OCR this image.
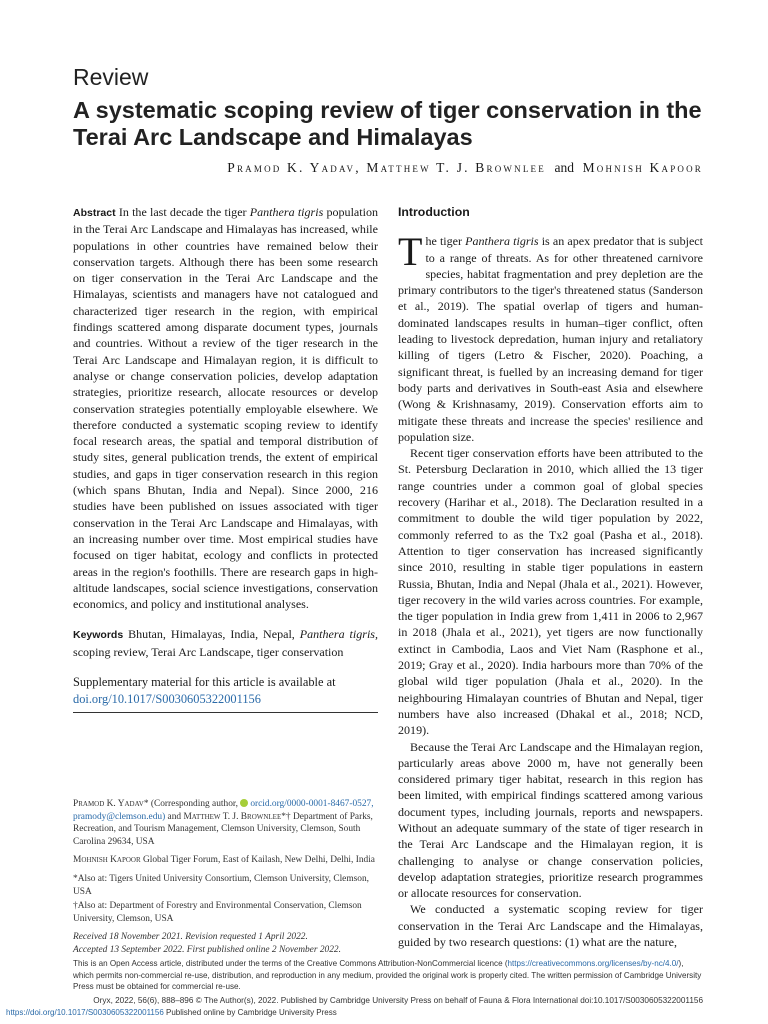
Review
A systematic scoping review of tiger conservation in the Terai Arc Landscape and Himalayas
Pramod K. Yadav, Matthew T. J. Brownlee and Mohnish Kapoor

Abstract In the last decade the tiger Panthera tigris population in the Terai Arc Landscape and Himalayas has increased, while populations in other countries have remained below their conservation targets. Although there has been some research on tiger conservation in the Terai Arc Landscape and the Himalayas, scientists and managers have not catalogued and characterized tiger research in the region, with empirical findings scattered among disparate document types, journals and countries. Without a review of the tiger research in the Terai Arc Landscape and Himalayan region, it is difficult to analyse or change conservation policies, develop adaptation strategies, prioritize research, allocate resources or develop conservation strategies potentially employable elsewhere. We therefore conducted a systematic scoping review to identify focal research areas, the spatial and temporal distribution of study sites, general publication trends, the extent of empirical studies, and gaps in tiger conservation research in this region (which spans Bhutan, India and Nepal). Since 2000, 216 studies have been published on issues associated with tiger conservation in the Terai Arc Landscape and Himalayas, with an increasing number over time. Most empirical studies have focused on tiger habitat, ecology and conflicts in protected areas in the region's foothills. There are research gaps in high-altitude landscapes, social science investigations, conservation economics, and policy and institutional analyses.

Keywords Bhutan, Himalayas, India, Nepal, Panthera tigris, scoping review, Terai Arc Landscape, tiger conservation

Supplementary material for this article is available at doi.org/10.1017/S0030605322001156

Pramod K. Yadav* (Corresponding author, orcid.org/0000-0001-8467-0527, pramody@clemson.edu) and Matthew T. J. Brownlee*† Department of Parks, Recreation, and Tourism Management, Clemson University, Clemson, South Carolina 29634, USA

Mohnish Kapoor Global Tiger Forum, East of Kailash, New Delhi, Delhi, India

*Also at: Tigers United University Consortium, Clemson University, Clemson, USA

†Also at: Department of Forestry and Environmental Conservation, Clemson University, Clemson, USA

Received 18 November 2021. Revision requested 1 April 2022.

Accepted 13 September 2022. First published online 2 November 2022.

Introduction

The tiger Panthera tigris is an apex predator that is subject to a range of threats. As for other threatened carnivore species, habitat fragmentation and prey depletion are the primary contributors to the tiger's threatened status (Sanderson et al., 2019). The spatial overlap of tigers and human-dominated landscapes results in human–tiger conflict, often leading to livestock depredation, human injury and retaliatory killing of tigers (Letro & Fischer, 2020). Poaching, a significant threat, is fuelled by an increasing demand for tiger body parts and derivatives in South-east Asia and elsewhere (Wong & Krishnasamy, 2019). Conservation efforts aim to mitigate these threats and increase the species' resilience and population size.

Recent tiger conservation efforts have been attributed to the St. Petersburg Declaration in 2010, which allied the 13 tiger range countries under a common goal of global species recovery (Harihar et al., 2018). The Declaration resulted in a commitment to double the wild tiger population by 2022, commonly referred to as the Tx2 goal (Pasha et al., 2018). Attention to tiger conservation has increased significantly since 2010, resulting in stable tiger populations in eastern Russia, Bhutan, India and Nepal (Jhala et al., 2021). However, tiger recovery in the wild varies across countries. For example, the tiger population in India grew from 1,411 in 2006 to 2,967 in 2018 (Jhala et al., 2021), yet tigers are now functionally extinct in Cambodia, Laos and Viet Nam (Rasphone et al., 2019; Gray et al., 2020). India harbours more than 70% of the global wild tiger population (Jhala et al., 2020). In the neighbouring Himalayan countries of Bhutan and Nepal, tiger numbers have also increased (Dhakal et al., 2018; NCD, 2019).

Because the Terai Arc Landscape and the Himalayan region, particularly areas above 2000 m, have not generally been considered primary tiger habitat, research in this region has been limited, with empirical findings scattered among various document types, including journals, reports and newspapers. Without an adequate summary of the state of tiger research in the Terai Arc Landscape and the Himalayan region, it is challenging to analyse or change conservation policies, develop adaptation strategies, prioritize research programmes or allocate resources for conservation.

We conducted a systematic scoping review for tiger conservation in the Terai Arc Landscape and the Himalayas, guided by two research questions: (1) what are the nature,

This is an Open Access article, distributed under the terms of the Creative Commons Attribution-NonCommercial licence (https://creativecommons.org/licenses/by-nc/4.0/), which permits non-commercial re-use, distribution, and reproduction in any medium, provided the original work is properly cited. The written permission of Cambridge University Press must be obtained for commercial re-use.
Oryx, 2022, 56(6), 888–896 © The Author(s), 2022. Published by Cambridge University Press on behalf of Fauna & Flora International doi:10.1017/S0030605322001156
https://doi.org/10.1017/S0030605322001156 Published online by Cambridge University Press
